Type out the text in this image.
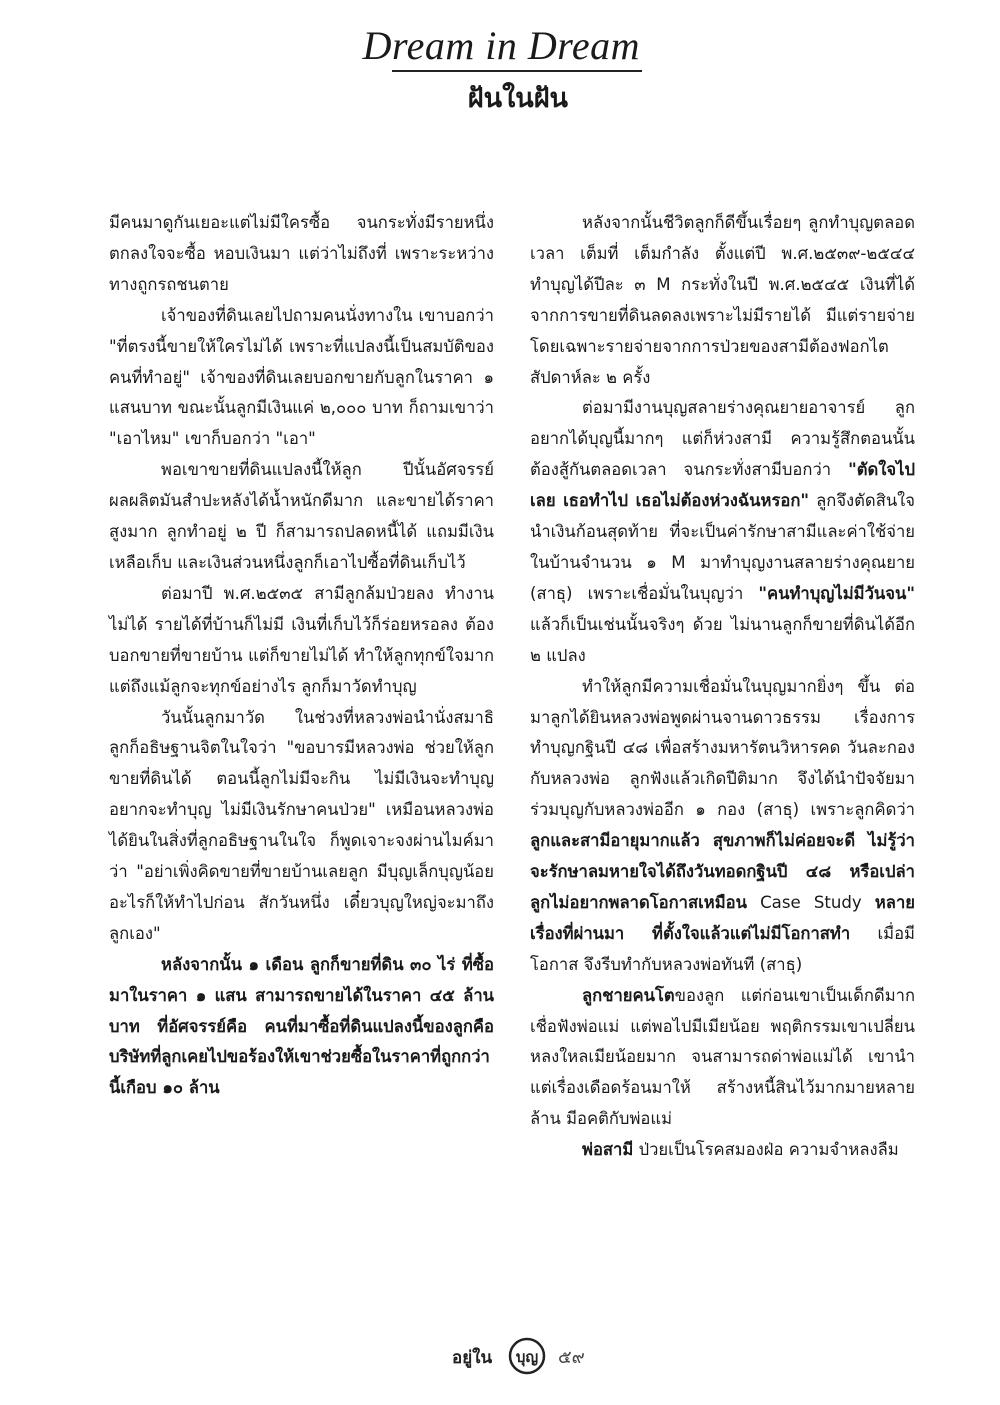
Dream in Dream
ฝันในฝัน

มีคนมาดูกันเยอะแต่ไม่มีใครซื้อ จนกระทั่งมีรายหนึ่งตกลงใจจะซื้อ หอบเงินมา แต่ว่าไม่ถึงที่ เพราะระหว่างทางถูกรถชนตาย

เจ้าของที่ดินเลยไปถามคนนั่งทางใน เขาบอกว่า "ที่ตรงนี้ขายให้ใครไม่ได้ เพราะที่แปลงนี้เป็นสมบัติของคนที่ทำอยู่" เจ้าของที่ดินเลยบอกขายกับลูกในราคา ๑ แสนบาท ขณะนั้นลูกมีเงินแค่ ๒,๐๐๐ บาท ก็ถามเขาว่า "เอาไหม" เขาก็บอกว่า "เอา"

พอเขาขายที่ดินแปลงนี้ให้ลูก ปีนั้นอัศจรรย์ผลผลิตมันสำปะหลังได้น้ำหนักดีมาก และขายได้ราคาสูงมาก ลูกทำอยู่ ๒ ปี ก็สามารถปลดหนี้ได้ แถมมีเงินเหลือเก็บ และเงินส่วนหนึ่งลูกก็เอาไปซื้อที่ดินเก็บไว้

ต่อมาปี พ.ศ.๒๕๓๕ สามีลูกล้มป่วยลง ทำงานไม่ได้ รายได้ที่บ้านก็ไม่มี เงินที่เก็บไว้ก็ร่อยหรอลง ต้องบอกขายที่ขายบ้าน แต่ก็ขายไม่ได้ ทำให้ลูกทุกข์ใจมาก แต่ถึงแม้ลูกจะทุกข์อย่างไร ลูกก็มาวัดทำบุญ

วันนั้นลูกมาวัด ในช่วงที่หลวงพ่อนำนั่งสมาธิ ลูกก็อธิษฐานจิตในใจว่า "ขอบารมีหลวงพ่อ ช่วยให้ลูกขายที่ดินได้ ตอนนี้ลูกไม่มีจะกิน ไม่มีเงินจะทำบุญ อยากจะทำบุญ ไม่มีเงินรักษาคนป่วย" เหมือนหลวงพ่อได้ยินในสิ่งที่ลูกอธิษฐานในใจ ก็พูดเจาะจงผ่านไมค์มาว่า "อย่าเพิ่งคิดขายที่ขายบ้านเลยลูก มีบุญเล็กบุญน้อยอะไรก็ให้ทำไปก่อน สักวันหนึ่ง เดี๋ยวบุญใหญ่จะมาถึงลูกเอง"

หลังจากนั้น ๑ เดือน ลูกก็ขายที่ดิน ๓๐ ไร่ ที่ซื้อมาในราคา ๑ แสน สามารถขายได้ในราคา ๔๕ ล้านบาท ที่อัศจรรย์คือ คนที่มาซื้อที่ดินแปลงนี้ของลูกคือ บริษัทที่ลูกเคยไปขอร้องให้เขาช่วยซื้อในราคาที่ถูกกว่านี้เกือบ ๑๐ ล้าน

หลังจากนั้นชีวิตลูกก็ดีขึ้นเรื่อยๆ ลูกทำบุญตลอดเวลา เต็มที่ เต็มกำลัง ตั้งแต่ปี พ.ศ.๒๕๓๙-๒๕๔๔ ทำบุญได้ปีละ ๓ M กระทั่งในปี พ.ศ.๒๕๔๕ เงินที่ได้จากการขายที่ดินลดลงเพราะไม่มีรายได้ มีแต่รายจ่าย โดยเฉพาะรายจ่ายจากการป่วยของสามีต้องฟอกไต สัปดาห์ละ ๒ ครั้ง

ต่อมามีงานบุญสลายร่างคุณยายอาจารย์ ลูกอยากได้บุญนี้มากๆ แต่ก็ห่วงสามี ความรู้สึกตอนนั้นต้องสู้กันตลอดเวลา จนกระทั่งสามีบอกว่า "ตัดใจไปเลย เธอทำไป เธอไม่ต้องห่วงฉันหรอก" ลูกจึงตัดสินใจนำเงินก้อนสุดท้าย ที่จะเป็นค่ารักษาสามีและค่าใช้จ่ายในบ้านจำนวน ๑ M มาทำบุญงานสลายร่างคุณยาย (สาธุ) เพราะเชื่อมั่นในบุญว่า "คนทำบุญไม่มีวันจน" แล้วก็เป็นเช่นนั้นจริงๆ ด้วย ไม่นานลูกก็ขายที่ดินได้อีก ๒ แปลง

ทำให้ลูกมีความเชื่อมั่นในบุญมากยิ่งๆ ขึ้น ต่อมาลูกได้ยินหลวงพ่อพูดผ่านจานดาวธรรม เรื่องการทำบุญกฐินปี ๔๘ เพื่อสร้างมหารัตนวิหารคด วันละกองกับหลวงพ่อ ลูกฟังแล้วเกิดปีติมาก จึงได้นำปัจจัยมาร่วมบุญกับหลวงพ่ออีก ๑ กอง (สาธุ) เพราะลูกคิดว่า ลูกและสามีอายุมากแล้ว สุขภาพก็ไม่ค่อยจะดี ไม่รู้ว่าจะรักษาลมหายใจได้ถึงวันทอดกฐินปี ๔๘ หรือเปล่า ลูกไม่อยากพลาดโอกาสเหมือน Case Study หลายเรื่องที่ผ่านมา ที่ตั้งใจแล้วแต่ไม่มีโอกาสทำ เมื่อมีโอกาส จึงรีบทำกับหลวงพ่อทันที (สาธุ)

ลูกชายคนโตของลูก แต่ก่อนเขาเป็นเด็กดีมาก เชื่อฟังพ่อแม่ แต่พอไปมีเมียน้อย พฤติกรรมเขาเปลี่ยน หลงใหลเมียน้อยมาก จนสามารถด่าพ่อแม่ได้ เขานำแต่เรื่องเดือดร้อนมาให้ สร้างหนี้สินไว้มากมายหลายล้าน มีอคติกับพ่อแม่

พ่อสามี ป่วยเป็นโรคสมองฝ่อ ความจำหลงลืม

อยู่ใน บุญ ๕๙
